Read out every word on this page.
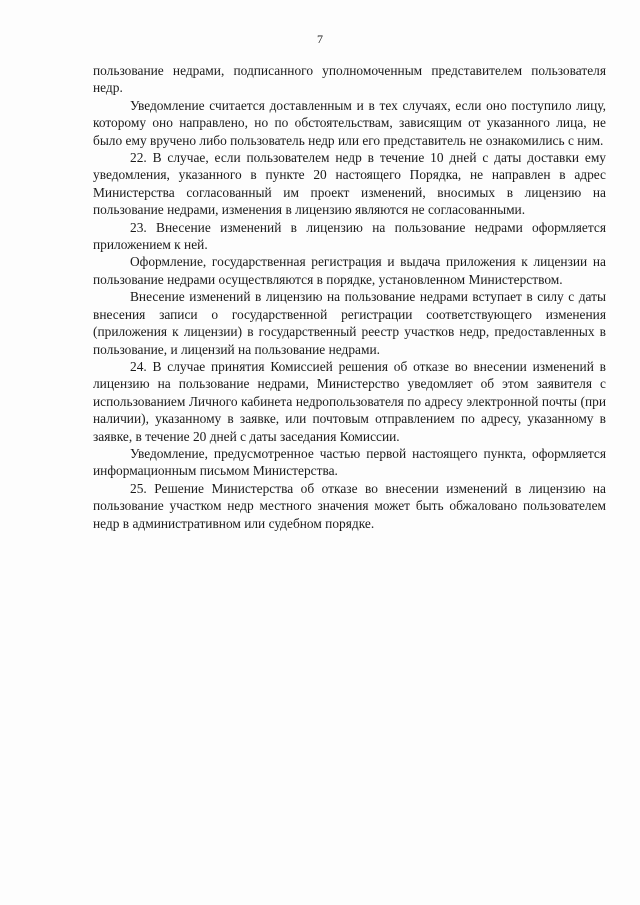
7

пользование недрами, подписанного уполномоченным представителем пользователя недр.

Уведомление считается доставленным и в тех случаях, если оно поступило лицу, которому оно направлено, но по обстоятельствам, зависящим от указанного лица, не было ему вручено либо пользователь недр или его представитель не ознакомились с ним.

22. В случае, если пользователем недр в течение 10 дней с даты доставки ему уведомления, указанного в пункте 20 настоящего Порядка, не направлен в адрес Министерства согласованный им проект изменений, вносимых в лицензию на пользование недрами, изменения в лицензию являются не согласованными.

23. Внесение изменений в лицензию на пользование недрами оформляется приложением к ней.

Оформление, государственная регистрация и выдача приложения к лицензии на пользование недрами осуществляются в порядке, установленном Министерством.

Внесение изменений в лицензию на пользование недрами вступает в силу с даты внесения записи о государственной регистрации соответствующего изменения (приложения к лицензии) в государственный реестр участков недр, предоставленных в пользование, и лицензий на пользование недрами.

24. В случае принятия Комиссией решения об отказе во внесении изменений в лицензию на пользование недрами, Министерство уведомляет об этом заявителя с использованием Личного кабинета недропользователя по адресу электронной почты (при наличии), указанному в заявке, или почтовым отправлением по адресу, указанному в заявке, в течение 20 дней с даты заседания Комиссии.

Уведомление, предусмотренное частью первой настоящего пункта, оформляется информационным письмом Министерства.

25. Решение Министерства об отказе во внесении изменений в лицензию на пользование участком недр местного значения может быть обжаловано пользователем недр в административном или судебном порядке.
